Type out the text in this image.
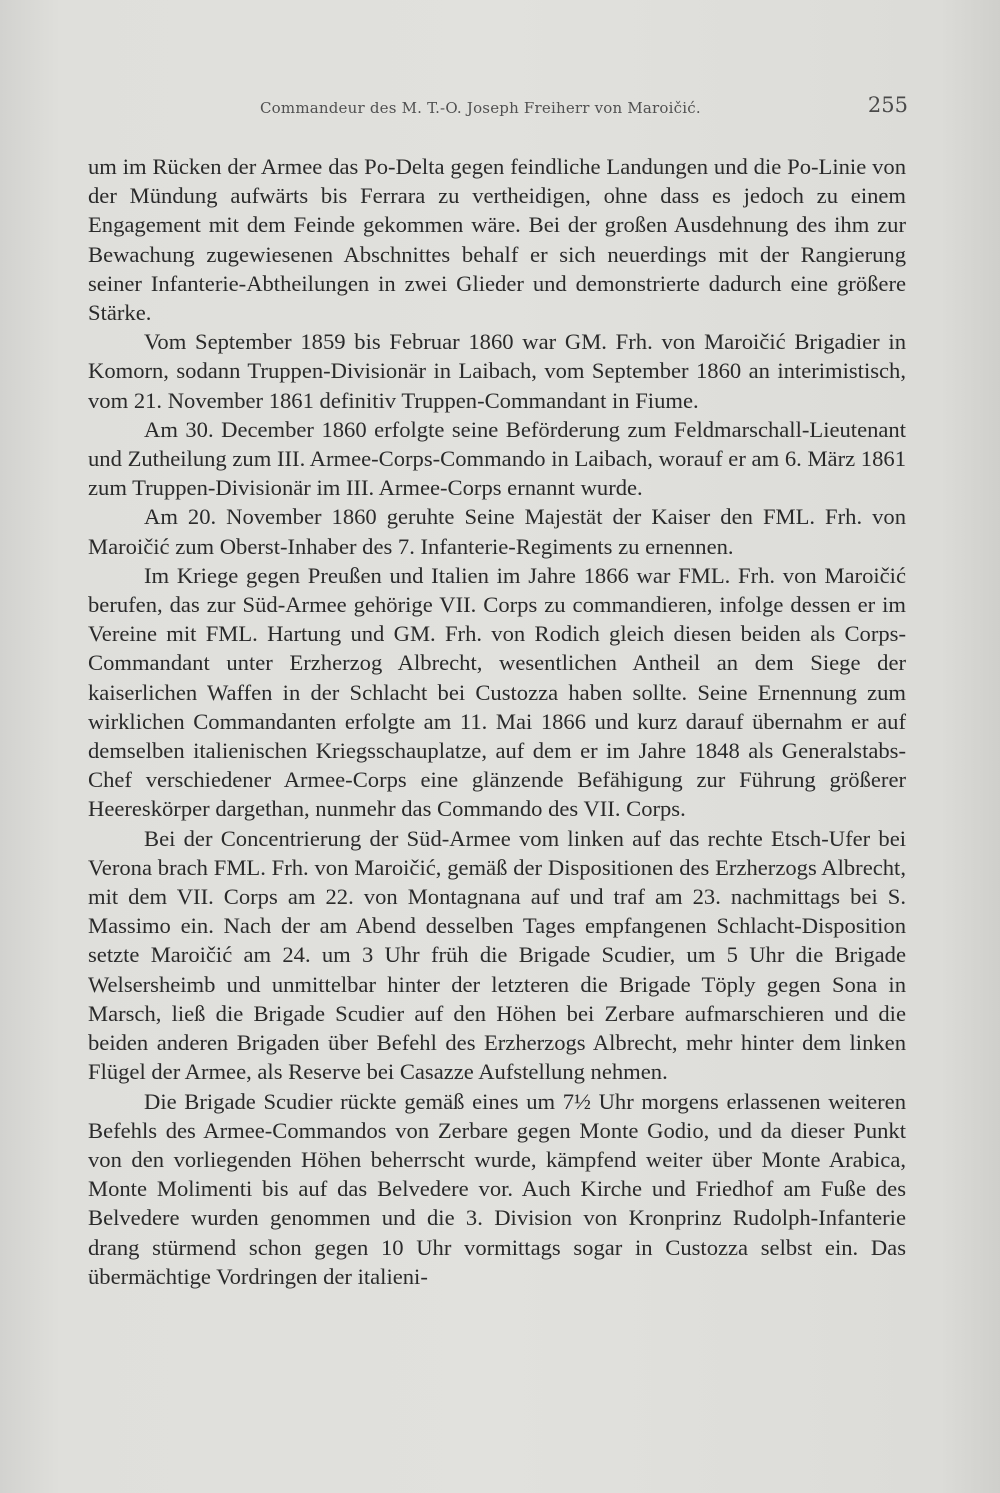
Commandeur des M. T.-O. Joseph Freiherr von Maroičić.	255

um im Rücken der Armee das Po-Delta gegen feindliche Landungen und die Po-Linie von der Mündung aufwärts bis Ferrara zu vertheidigen, ohne dass es jedoch zu einem Engagement mit dem Feinde gekommen wäre. Bei der großen Ausdehnung des ihm zur Bewachung zugewiesenen Abschnittes behalf er sich neuerdings mit der Rangierung seiner Infanterie-Abtheilungen in zwei Glieder und demonstrierte dadurch eine größere Stärke.

Vom September 1859 bis Februar 1860 war GM. Frh. von Maroičić Brigadier in Komorn, sodann Truppen-Divisionär in Laibach, vom September 1860 an interimistisch, vom 21. November 1861 definitiv Truppen-Commandant in Fiume.

Am 30. December 1860 erfolgte seine Beförderung zum Feldmarschall-Lieutenant und Zutheilung zum III. Armee-Corps-Commando in Laibach, worauf er am 6. März 1861 zum Truppen-Divisionär im III. Armee-Corps ernannt wurde.

Am 20. November 1860 geruhte Seine Majestät der Kaiser den FML. Frh. von Maroičić zum Oberst-Inhaber des 7. Infanterie-Regiments zu ernennen.

Im Kriege gegen Preußen und Italien im Jahre 1866 war FML. Frh. von Maroičić berufen, das zur Süd-Armee gehörige VII. Corps zu commandieren, infolge dessen er im Vereine mit FML. Hartung und GM. Frh. von Rodich gleich diesen beiden als Corps-Commandant unter Erzherzog Albrecht, wesentlichen Antheil an dem Siege der kaiserlichen Waffen in der Schlacht bei Custozza haben sollte. Seine Ernennung zum wirklichen Commandanten erfolgte am 11. Mai 1866 und kurz darauf übernahm er auf demselben italienischen Kriegsschauplatze, auf dem er im Jahre 1848 als Generalstabs-Chef verschiedener Armee-Corps eine glänzende Befähigung zur Führung größerer Heereskörper dargethan, nunmehr das Commando des VII. Corps.

Bei der Concentrierung der Süd-Armee vom linken auf das rechte Etsch-Ufer bei Verona brach FML. Frh. von Maroičić, gemäß der Dispositionen des Erzherzogs Albrecht, mit dem VII. Corps am 22. von Montagnana auf und traf am 23. nachmittags bei S. Massimo ein. Nach der am Abend desselben Tages empfangenen Schlacht-Disposition setzte Maroičić am 24. um 3 Uhr früh die Brigade Scudier, um 5 Uhr die Brigade Welsersheimb und unmittelbar hinter der letzteren die Brigade Töply gegen Sona in Marsch, ließ die Brigade Scudier auf den Höhen bei Zerbare aufmarschieren und die beiden anderen Brigaden über Befehl des Erzherzogs Albrecht, mehr hinter dem linken Flügel der Armee, als Reserve bei Casazze Aufstellung nehmen.

Die Brigade Scudier rückte gemäß eines um 7½ Uhr morgens erlassenen weiteren Befehls des Armee-Commandos von Zerbare gegen Monte Godio, und da dieser Punkt von den vorliegenden Höhen beherrscht wurde, kämpfend weiter über Monte Arabica, Monte Molimenti bis auf das Belvedere vor. Auch Kirche und Friedhof am Fuße des Belvedere wurden genommen und die 3. Division von Kronprinz Rudolph-Infanterie drang stürmend schon gegen 10 Uhr vormittags sogar in Custozza selbst ein. Das übermächtige Vordringen der italieni-
